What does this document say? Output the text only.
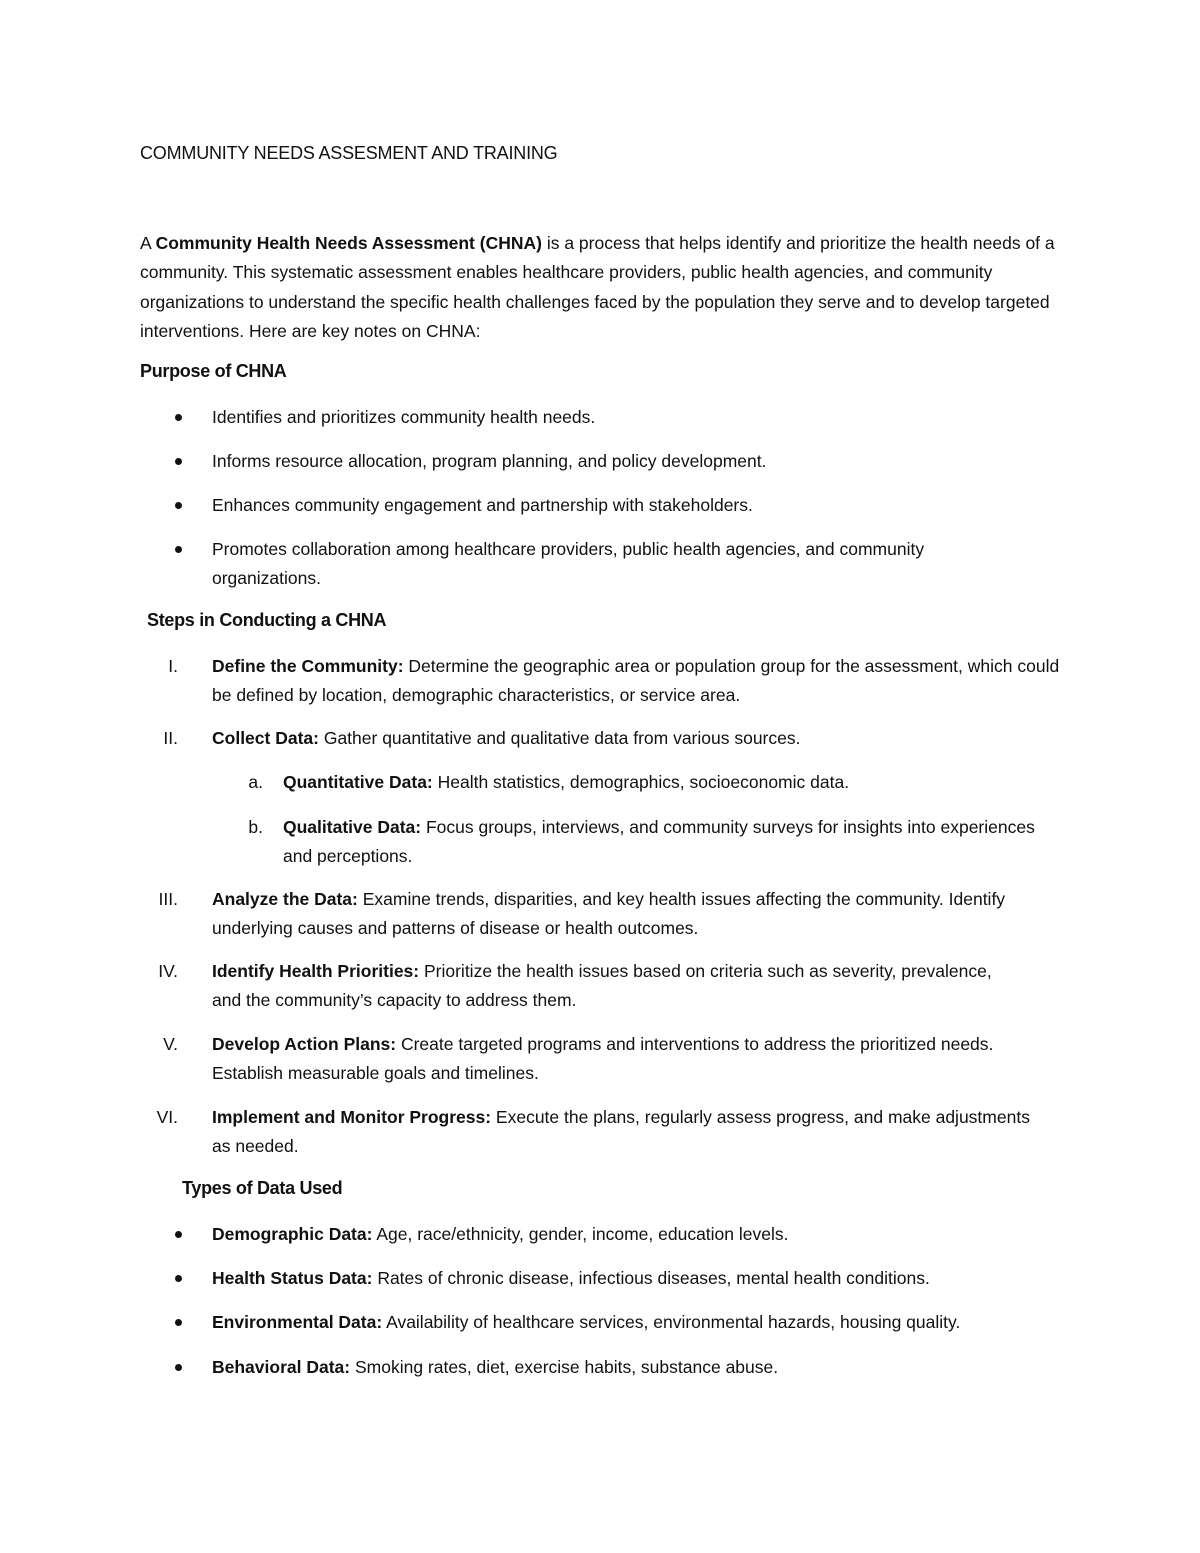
COMMUNITY NEEDS ASSESMENT AND TRAINING
A Community Health Needs Assessment (CHNA) is a process that helps identify and prioritize the health needs of a community. This systematic assessment enables healthcare providers, public health agencies, and community organizations to understand the specific health challenges faced by the population they serve and to develop targeted interventions. Here are key notes on CHNA:
Purpose of CHNA
Identifies and prioritizes community health needs.
Informs resource allocation, program planning, and policy development.
Enhances community engagement and partnership with stakeholders.
Promotes collaboration among healthcare providers, public health agencies, and community organizations.
Steps in Conducting a CHNA
I. Define the Community: Determine the geographic area or population group for the assessment, which could be defined by location, demographic characteristics, or service area.
II. Collect Data: Gather quantitative and qualitative data from various sources.
a. Quantitative Data: Health statistics, demographics, socioeconomic data.
b. Qualitative Data: Focus groups, interviews, and community surveys for insights into experiences and perceptions.
III. Analyze the Data: Examine trends, disparities, and key health issues affecting the community. Identify underlying causes and patterns of disease or health outcomes.
IV. Identify Health Priorities: Prioritize the health issues based on criteria such as severity, prevalence, and the community’s capacity to address them.
V. Develop Action Plans: Create targeted programs and interventions to address the prioritized needs. Establish measurable goals and timelines.
VI. Implement and Monitor Progress: Execute the plans, regularly assess progress, and make adjustments as needed.
Types of Data Used
Demographic Data: Age, race/ethnicity, gender, income, education levels.
Health Status Data: Rates of chronic disease, infectious diseases, mental health conditions.
Environmental Data: Availability of healthcare services, environmental hazards, housing quality.
Behavioral Data: Smoking rates, diet, exercise habits, substance abuse.
